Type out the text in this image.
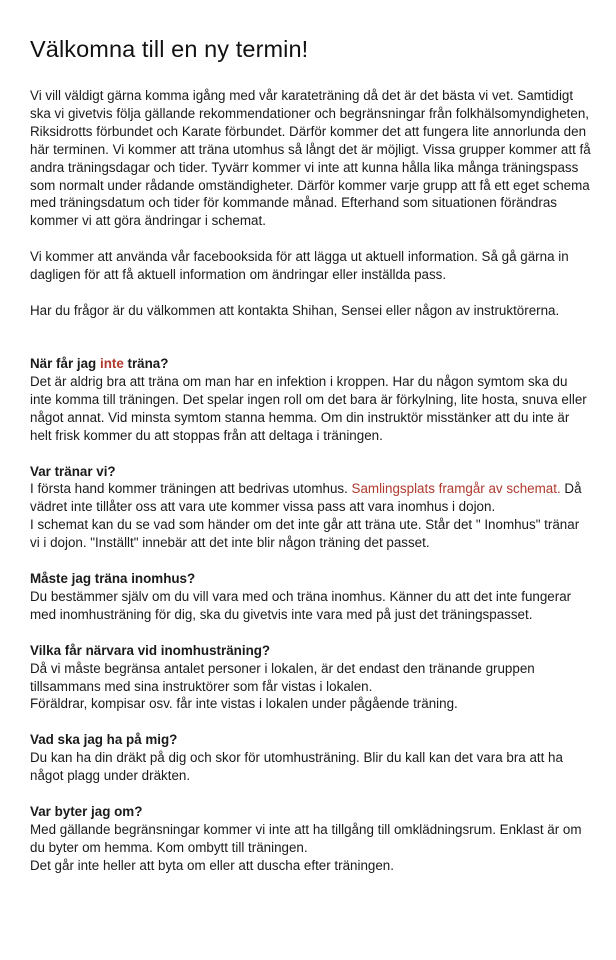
Välkomna till en ny termin!

Vi vill väldigt gärna komma igång med vår karateträning då det är det bästa vi vet. Samtidigt ska vi givetvis följa gällande rekommendationer och begränsningar från folkhälsomyndigheten, Riksidrotts förbundet och Karate förbundet. Därför kommer det att fungera lite annorlunda den här terminen. Vi kommer att träna utomhus så långt det är möjligt. Vissa grupper kommer att få andra träningsdagar och tider. Tyvärr kommer vi inte att kunna hålla lika många träningspass som normalt under rådande omständigheter. Därför kommer varje grupp att få ett eget schema med träningsdatum och tider för kommande månad. Efterhand som situationen förändras kommer vi att göra ändringar i schemat.

Vi kommer att använda vår facebooksida för att lägga ut aktuell information. Så gå gärna in dagligen för att få aktuell information om ändringar eller inställda pass.

Har du frågor är du välkommen att kontakta Shihan, Sensei eller någon av instruktörerna.

När får jag inte träna?

Det är aldrig bra att träna om man har en infektion i kroppen. Har du någon symtom ska du inte komma till träningen. Det spelar ingen roll om det bara är förkylning, lite hosta, snuva eller något annat. Vid minsta symtom stanna hemma. Om din instruktör misstänker att du inte är helt frisk kommer du att stoppas från att deltaga i träningen.

Var tränar vi?

I första hand kommer träningen att bedrivas utomhus. Samlingsplats framgår av schemat. Då vädret inte tillåter oss att vara ute kommer vissa pass att vara inomhus i dojon.

I schemat kan du se vad som händer om det inte går att träna ute. Står det " Inomhus" tränar vi i dojon. "Inställt" innebär att det inte blir någon träning det passet.

Måste jag träna inomhus?

Du bestämmer själv om du vill vara med och träna inomhus. Känner du att det inte fungerar med inomhusträning för dig, ska du givetvis inte vara med på just det träningspasset.

Vilka får närvara vid inomhusträning?

Då vi måste begränsa antalet personer i lokalen, är det endast den tränande gruppen tillsammans med sina instruktörer som får vistas i lokalen.

Föräldrar, kompisar osv. får inte vistas i lokalen under pågående träning.

Vad ska jag ha på mig?

Du kan ha din dräkt på dig och skor för utomhusträning. Blir du kall kan det vara bra att ha något plagg under dräkten.

Var byter jag om?

Med gällande begränsningar kommer vi inte att ha tillgång till omklädningsrum. Enklast är om du byter om hemma. Kom ombytt till träningen.

Det går inte heller att byta om eller att duscha efter träningen.
